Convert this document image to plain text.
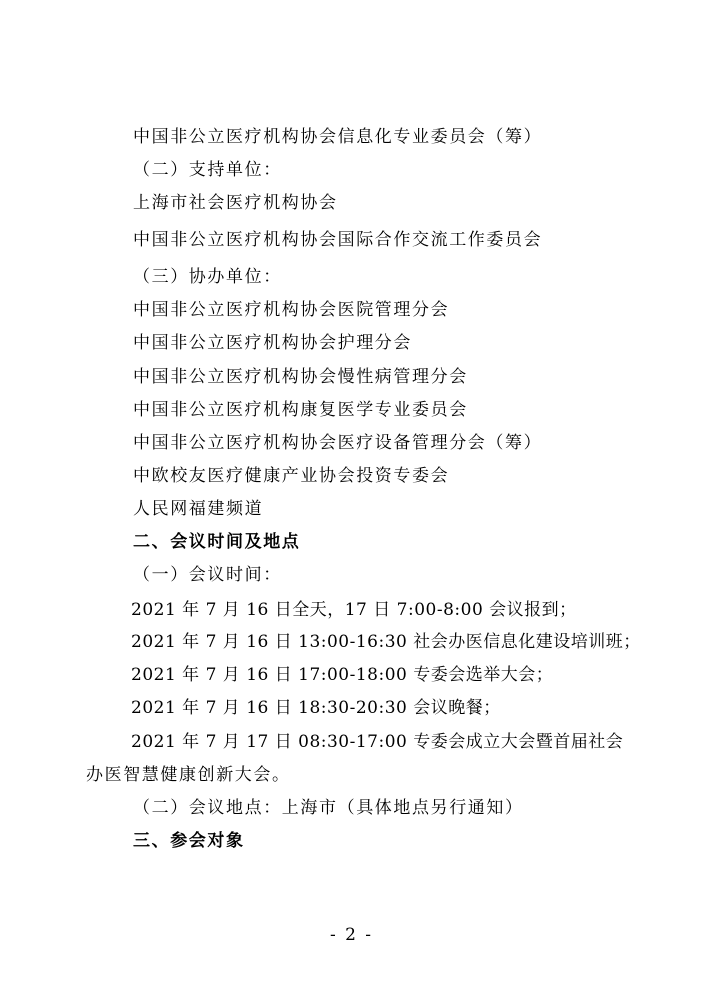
中国非公立医疗机构协会信息化专业委员会（筹）
（二）支持单位：
上海市社会医疗机构协会
中国非公立医疗机构协会国际合作交流工作委员会
（三）协办单位：
中国非公立医疗机构协会医院管理分会
中国非公立医疗机构协会护理分会
中国非公立医疗机构协会慢性病管理分会
中国非公立医疗机构康复医学专业委员会
中国非公立医疗机构协会医疗设备管理分会（筹）
中欧校友医疗健康产业协会投资专委会
人民网福建频道
二、会议时间及地点
（一）会议时间：
2021 年 7 月 16 日全天，17 日 7:00-8:00 会议报到；
2021 年 7 月 16 日 13:00-16:30 社会办医信息化建设培训班；
2021 年 7 月 16 日 17:00-18:00 专委会选举大会；
2021 年 7 月 16 日 18:30-20:30 会议晚餐；
2021 年 7 月 17 日 08:30-17:00 专委会成立大会暨首届社会
办医智慧健康创新大会。
（二）会议地点：上海市（具体地点另行通知）
三、参会对象
- 2 -
